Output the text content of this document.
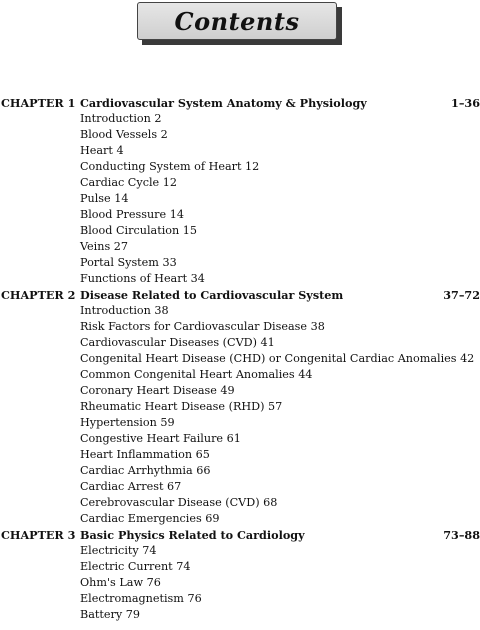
Contents
CHAPTER 1 Cardiovascular System Anatomy & Physiology	1–36
Introduction 2
Blood Vessels 2
Heart 4
Conducting System of Heart 12
Cardiac Cycle 12
Pulse 14
Blood Pressure 14
Blood Circulation 15
Veins 27
Portal System 33
Functions of Heart 34
CHAPTER 2 Disease Related to Cardiovascular System	37–72
Introduction 38
Risk Factors for Cardiovascular Disease 38
Cardiovascular Diseases (CVD) 41
Congenital Heart Disease (CHD) or Congenital Cardiac Anomalies 42
Common Congenital Heart Anomalies 44
Coronary Heart Disease 49
Rheumatic Heart Disease (RHD) 57
Hypertension 59
Congestive Heart Failure 61
Heart Inflammation 65
Cardiac Arrhythmia 66
Cardiac Arrest 67
Cerebrovascular Disease (CVD) 68
Cardiac Emergencies 69
CHAPTER 3 Basic Physics Related to Cardiology	73–88
Electricity 74
Electric Current 74
Ohm's Law 76
Electromagnetism 76
Battery 79
